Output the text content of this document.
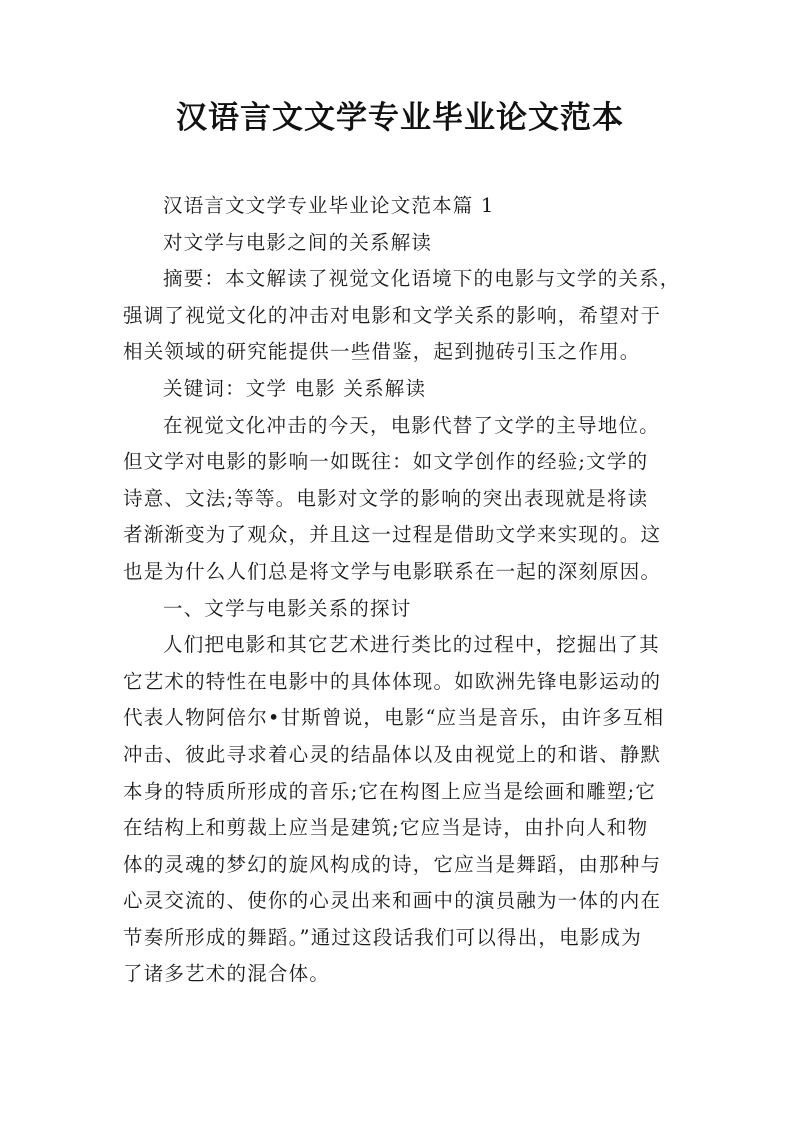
汉语言文文学专业毕业论文范本
汉语言文文学专业毕业论文范本篇 1
对文学与电影之间的关系解读
摘要：本文解读了视觉文化语境下的电影与文学的关系，
强调了视觉文化的冲击对电影和文学关系的影响，希望对于
相关领域的研究能提供一些借鉴，起到抛砖引玉之作用。
关键词：文学 电影 关系解读
在视觉文化冲击的今天，电影代替了文学的主导地位。
但文学对电影的影响一如既往：如文学创作的经验;文学的
诗意、文法;等等。电影对文学的影响的突出表现就是将读
者渐渐变为了观众，并且这一过程是借助文学来实现的。这
也是为什么人们总是将文学与电影联系在一起的深刻原因。
一、文学与电影关系的探讨
人们把电影和其它艺术进行类比的过程中，挖掘出了其
它艺术的特性在电影中的具体体现。如欧洲先锋电影运动的
代表人物阿倍尔•甘斯曾说，电影“应当是音乐，由许多互相
冲击、彼此寻求着心灵的结晶体以及由视觉上的和谐、静默
本身的特质所形成的音乐;它在构图上应当是绘画和雕塑;它
在结构上和剪裁上应当是建筑;它应当是诗，由扑向人和物
体的灵魂的梦幻的旋风构成的诗，它应当是舞蹈，由那种与
心灵交流的、使你的心灵出来和画中的演员融为一体的内在
节奏所形成的舞蹈。”通过这段话我们可以得出，电影成为
了诸多艺术的混合体。
